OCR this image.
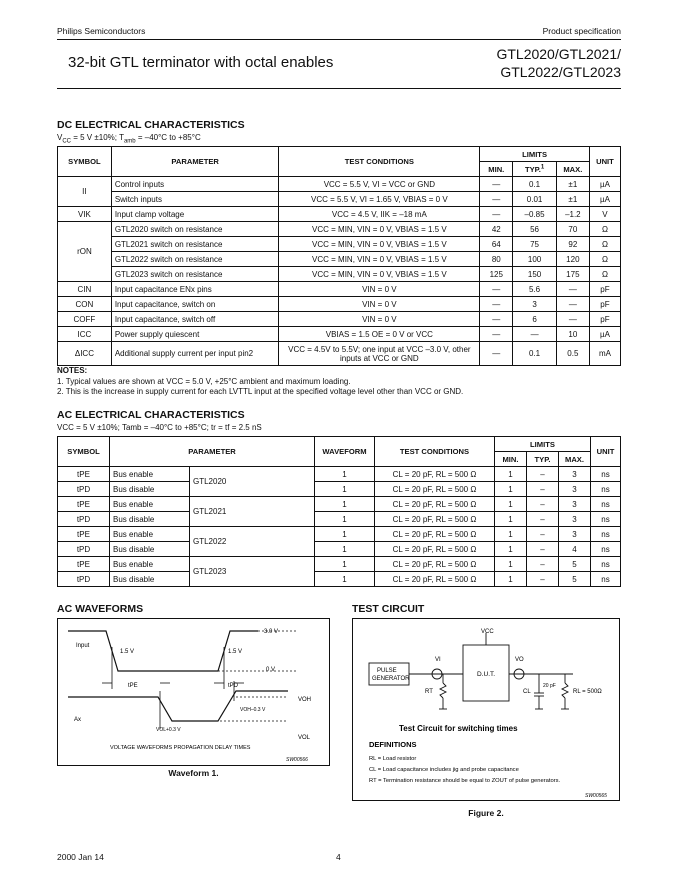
Philips Semiconductors	Product specification
32-bit GTL terminator with octal enables	GTL2020/GTL2021/
GTL2022/GTL2023
DC ELECTRICAL CHARACTERISTICS
$V_{CC} = 5$ V ±10%; $T_{amb} = -40^\circ C$ to +85°C
SYMBOL	PARAMETER	TEST CONDITIONS	LIMITS			UNIT
			MIN.	TYP.$^1$	MAX.	
II	Control inputs	VCC = 5.5 V, VI = VCC or GND	—	0.1	±1	µA
	Switch inputs	VCC = 5.5 V, VI = 1.65 V, VBIAS = 0 V	—	0.01	±1	µA
VIK	Input clamp voltage	VCC = 4.5 V, IIK = –18 mA	—	–0.85	–1.2	V
rON	GTL2020 switch on resistance	VCC = MIN, VIN = 0 V, VBIAS = 1.5 V	42	56	70	Ω
	GTL2021 switch on resistance	VCC = MIN, VIN = 0 V, VBIAS = 1.5 V	64	75	92	Ω
	GTL2022 switch on resistance	VCC = MIN, VIN = 0 V, VBIAS = 1.5 V	80	100	120	Ω
	GTL2023 switch on resistance	VCC = MIN, VIN = 0 V, VBIAS = 1.5 V	125	150	175	Ω
CIN	Input capacitance ENx pins	VIN = 0 V	—	5.6	—	pF
CON	Input capacitance, switch on	VIN = 0 V	—	3	—	pF
COFF	Input capacitance, switch off	VIN = 0 V	—	6	—	pF
ICC	Power supply quiescent	VBIAS = 1.5 OE = 0 V or VCC	—	—	10	µA
ΔICC	Additional supply current per input pin2	VCC = 4.5V to 5.5V; one input at VCC –3.0 V, other inputs at VCC or GND	—	0.1	0.5	mA
NOTES:
1. Typical values are shown at VCC = 5.0 V, +25°C ambient and maximum loading.
2. This is the increase in supply current for each LVTTL input at the specified voltage level other than VCC or GND.
AC ELECTRICAL CHARACTERISTICS
VCC = 5 V ±10%; Tamb = –40°C to +85°C; tr = tf = 2.5 nS
SYMBOL	PARAMETER		WAVEFORM	TEST CONDITIONS	LIMITS			UNIT
					MIN.	TYP.	MAX.	
tPE	Bus enable	GTL2020	1	CL = 20 pF, RL = 500 Ω	1	–	3	ns
tPD	Bus disable		1	CL = 20 pF, RL = 500 Ω	1	–	3	ns
tPE	Bus enable	GTL2021	1	CL = 20 pF, RL = 500 Ω	1	–	3	ns
tPD	Bus disable		1	CL = 20 pF, RL = 500 Ω	1	–	3	ns
tPE	Bus enable	GTL2022	1	CL = 20 pF, RL = 500 Ω	1	–	3	ns
tPD	Bus disable		1	CL = 20 pF, RL = 500 Ω	1	–	4	ns
tPE	Bus enable	GTL2023	1	CL = 20 pF, RL = 500 Ω	1	–	5	ns
tPD	Bus disable		1	CL = 20 pF, RL = 500 Ω	1	–	5	ns
AC WAVEFORMS
3.0 V
Input
1.5 V	1.5 V
0 V
tPE	tPD
VOH
VOH–0.3 V
Ax
VOL+0.3 V
VOL
VOLTAGE WAVEFORMS PROPAGATION DELAY TIMES
SW00566
Waveform 1.
TEST CIRCUIT
VCC
VI	VO
PULSE
GENERATOR
D.U.T.
RT	CL
20 pF
RL = 500Ω
Test Circuit for switching times
DEFINITIONS
RL = Load resistor
CL = Load capacitance includes jig and probe capacitance
RT = Termination resistance should be equal to ZOUT of pulse generators.
SW00565
Figure 2.
2000 Jan 14	4
